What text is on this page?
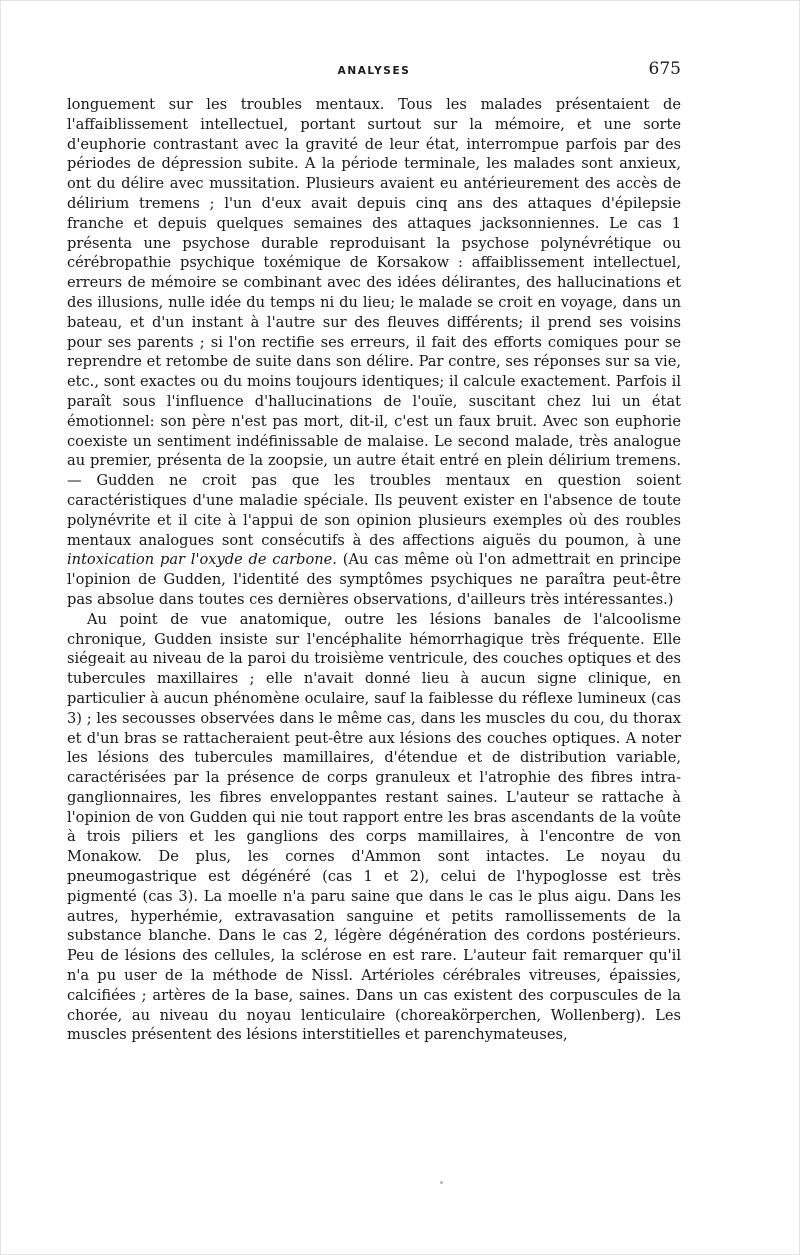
ANALYSES	675

longuement sur les troubles mentaux. Tous les malades présentaient de l'affaiblissement intellectuel, portant surtout sur la mémoire, et une sorte d'euphorie contrastant avec la gravité de leur état, interrompue parfois par des périodes de dépression subite. A la période terminale, les malades sont anxieux, ont du délire avec mussitation. Plusieurs avaient eu antérieurement des accès de délirium tremens ; l'un d'eux avait depuis cinq ans des attaques d'épilepsie franche et depuis quelques semaines des attaques jacksonniennes. Le cas 1 présenta une psychose durable reproduisant la psychose polynévrétique ou cérébropathie psychique toxémique de Korsakow : affaiblissement intellectuel, erreurs de mémoire se combinant avec des idées délirantes, des hallucinations et des illusions, nulle idée du temps ni du lieu; le malade se croit en voyage, dans un bateau, et d'un instant à l'autre sur des fleuves différents; il prend ses voisins pour ses parents ; si l'on rectifie ses erreurs, il fait des efforts comiques pour se reprendre et retombe de suite dans son délire. Par contre, ses réponses sur sa vie, etc., sont exactes ou du moins toujours identiques; il calcule exactement. Parfois il paraît sous l'influence d'hallucinations de l'ouïe, suscitant chez lui un état émotionnel: son père n'est pas mort, dit-il, c'est un faux bruit. Avec son euphorie coexiste un sentiment indéfinissable de malaise. Le second malade, très analogue au premier, présenta de la zoopsie, un autre était entré en plein délirium tremens. — Gudden ne croit pas que les troubles mentaux en question soient caractéristiques d'une maladie spéciale. Ils peuvent exister en l'absence de toute polynévrite et il cite à l'appui de son opinion plusieurs exemples où des roubles mentaux analogues sont consécutifs à des affections aiguës du poumon, à une intoxication par l'oxyde de carbone. (Au cas même où l'on admettrait en principe l'opinion de Gudden, l'identité des symptômes psychiques ne paraîtra peut-être pas absolue dans toutes ces dernières observations, d'ailleurs très intéressantes.)

Au point de vue anatomique, outre les lésions banales de l'alcoolisme chronique, Gudden insiste sur l'encéphalite hémorrhagique très fréquente. Elle siégeait au niveau de la paroi du troisième ventricule, des couches optiques et des tubercules maxillaires ; elle n'avait donné lieu à aucun signe clinique, en particulier à aucun phénomène oculaire, sauf la faiblesse du réflexe lumineux (cas 3) ; les secousses observées dans le même cas, dans les muscles du cou, du thorax et d'un bras se rattacheraient peut-être aux lésions des couches optiques. A noter les lésions des tubercules mamillaires, d'étendue et de distribution variable, caractérisées par la présence de corps granuleux et l'atrophie des fibres intra-ganglionnaires, les fibres enveloppantes restant saines. L'auteur se rattache à l'opinion de von Gudden qui nie tout rapport entre les bras ascendants de la voûte à trois piliers et les ganglions des corps mamillaires, à l'encontre de von Monakow. De plus, les cornes d'Ammon sont intactes. Le noyau du pneumogastrique est dégénéré (cas 1 et 2), celui de l'hypoglosse est très pigmenté (cas 3). La moelle n'a paru saine que dans le cas le plus aigu. Dans les autres, hyperhémie, extravasation sanguine et petits ramollissements de la substance blanche. Dans le cas 2, légère dégénération des cordons postérieurs. Peu de lésions des cellules, la sclérose en est rare. L'auteur fait remarquer qu'il n'a pu user de la méthode de Nissl. Artérioles cérébrales vitreuses, épaissies, calcifiées ; artères de la base, saines. Dans un cas existent des corpuscules de la chorée, au niveau du noyau lenticulaire (choreakörperchen, Wollenberg). Les muscles présentent des lésions interstitielles et parenchymateuses,
